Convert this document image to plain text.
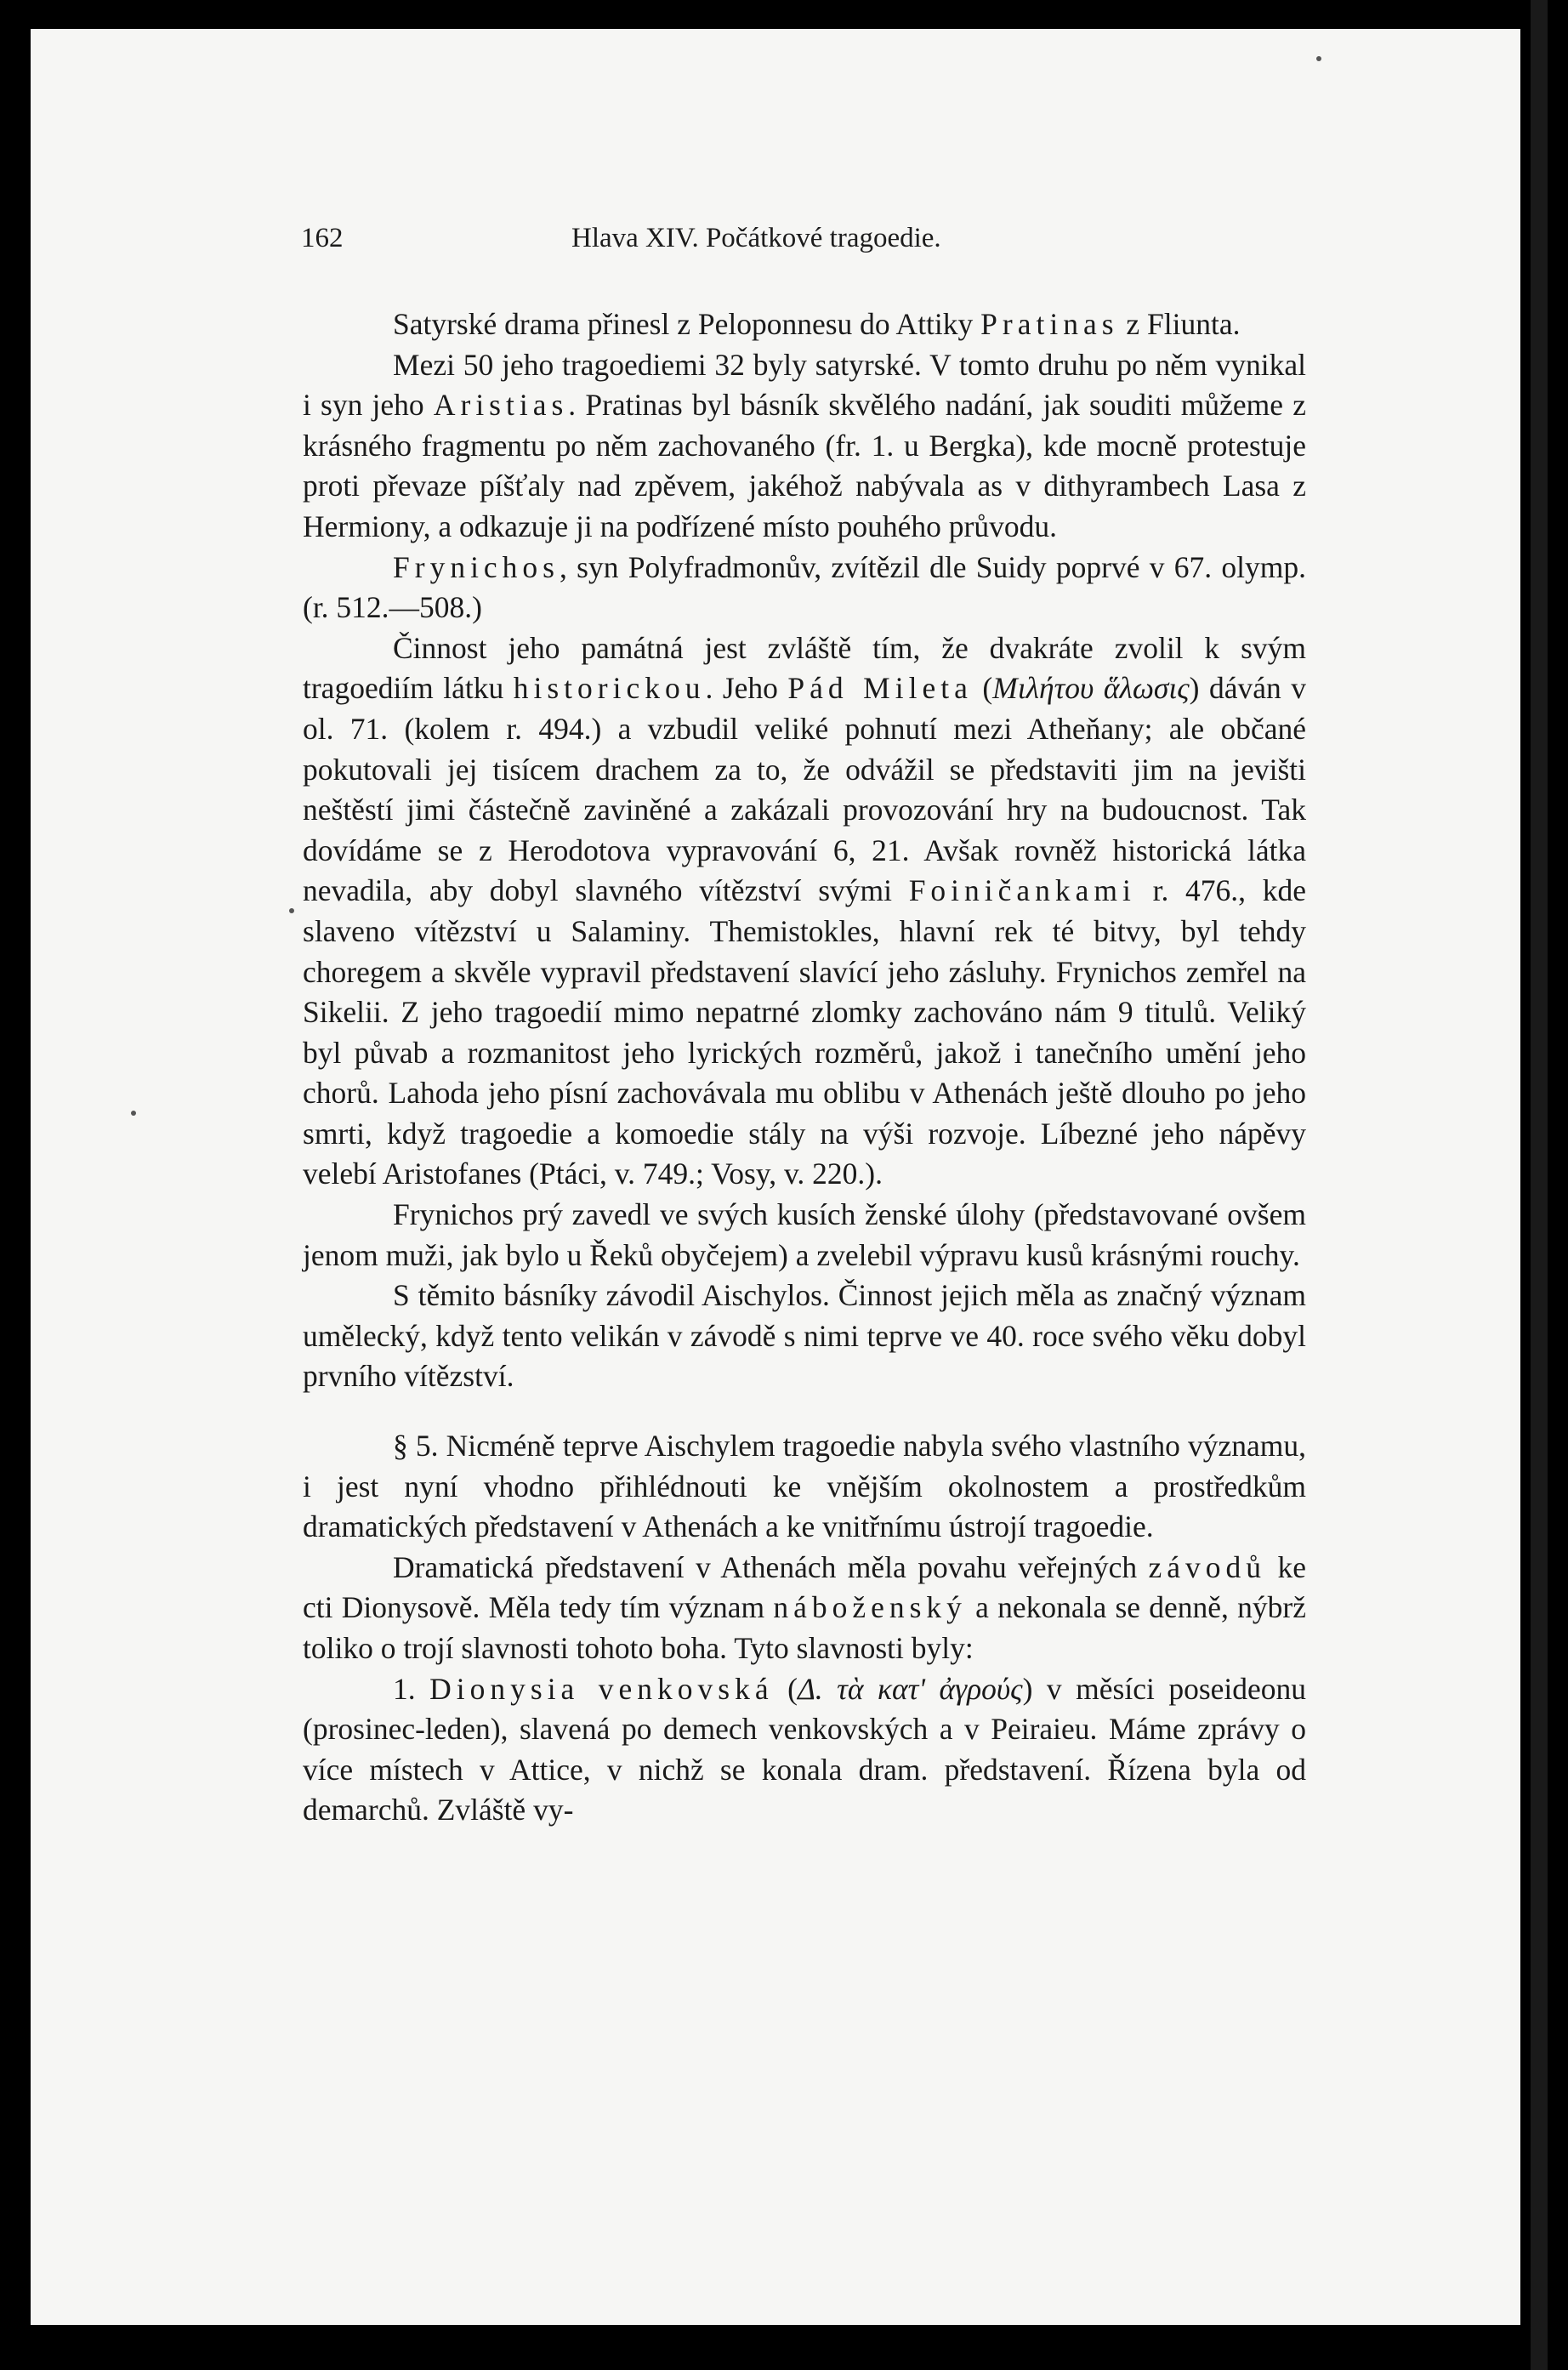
162	Hlava XIV. Počátkové tragoedie.

Satyrské drama přinesl z Peloponnesu do Attiky Pratinas z Fliunta.

Mezi 50 jeho tragoediemi 32 byly satyrské. V tomto druhu po něm vynikal i syn jeho Aristias. Pratinas byl básník skvělého nadání, jak souditi můžeme z krásného fragmentu po něm zachovaného (fr. 1. u Bergka), kde mocně protestuje proti převaze píšťaly nad zpěvem, jakéhož nabývala as v dithyrambech Lasa z Hermiony, a odkazuje ji na podřízené místo pouhého průvodu.

Frynichos, syn Polyfradmonův, zvítězil dle Suidy poprvé v 67. olymp. (r. 512.—508.)

Činnost jeho památná jest zvláště tím, že dvakráte zvolil k svým tragoediím látku historickou. Jeho Pád Mileta (Μιλήτου ἅλωσις) dáván v ol. 71. (kolem r. 494.) a vzbudil veliké pohnutí mezi Atheňany; ale občané pokutovali jej tisícem drachem za to, že odvážil se představiti jim na jevišti neštěstí jimi částečně zaviněné a zakázali provozování hry na budoucnost. Tak dovídáme se z Herodotova vypravování 6, 21. Avšak rovněž historická látka nevadila, aby dobyl slavného vítězství svými Foiničankami r. 476., kde slaveno vítězství u Salaminy. Themistokles, hlavní rek té bitvy, byl tehdy choregem a skvěle vypravil představení slavící jeho zásluhy. Frynichos zemřel na Sikelii. Z jeho tragoedií mimo nepatrné zlomky zachováno nám 9 titulů. Veliký byl půvab a rozmanitost jeho lyrických rozměrů, jakož i tanečního umění jeho chorů. Lahoda jeho písní zachovávala mu oblibu v Athenách ještě dlouho po jeho smrti, když tragoedie a komoedie stály na výši rozvoje. Líbezné jeho nápěvy velebí Aristofanes (Ptáci, v. 749.; Vosy, v. 220.).

Frynichos prý zavedl ve svých kusích ženské úlohy (představované ovšem jenom muži, jak bylo u Řeků obyčejem) a zvelebil výpravu kusů krásnými rouchy.

S těmito básníky závodil Aischylos. Činnost jejich měla as značný význam umělecký, když tento velikán v závodě s nimi teprve ve 40. roce svého věku dobyl prvního vítězství.

§ 5. Nicméně teprve Aischylem tragoedie nabyla svého vlastního významu, i jest nyní vhodno přihlédnouti ke vnějším okolnostem a prostředkům dramatických představení v Athenách a ke vnitřnímu ústrojí tragoedie.

Dramatická představení v Athenách měla povahu veřejných závodů ke cti Dionysově. Měla tedy tím význam náboženský a nekonala se denně, nýbrž toliko o trojí slavnosti tohoto boha. Tyto slavnosti byly:

1. Dionysia venkovská (Δ. τὰ κατ' ἀγρούς) v měsíci poseideonu (prosinec-leden), slavená po demech venkovských a v Peiraieu. Máme zprávy o více místech v Attice, v nichž se konala dram. představení. Řízena byla od demarchů. Zvláště vy-
